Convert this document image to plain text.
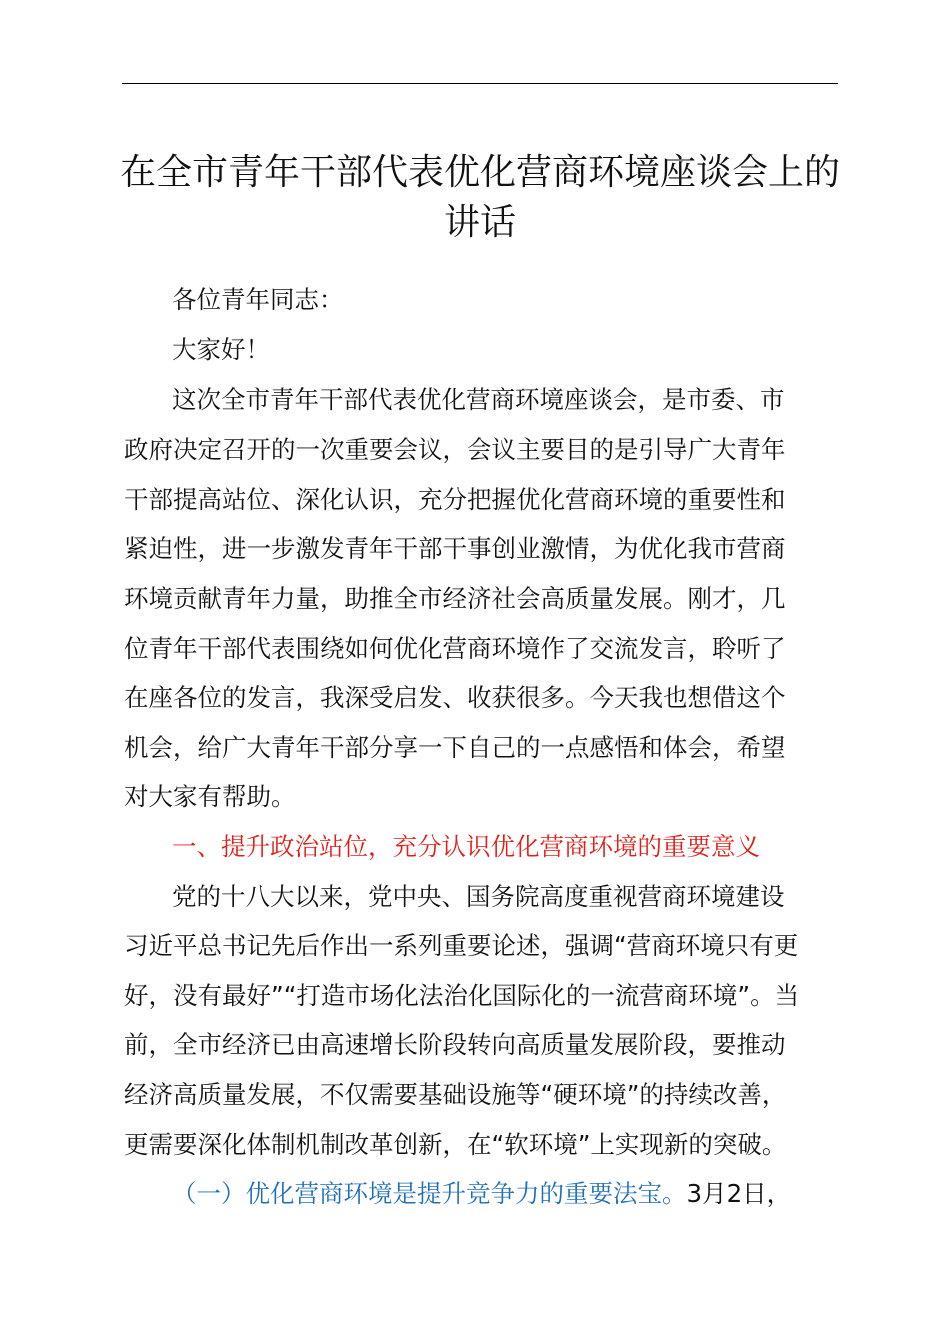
在全市青年干部代表优化营商环境座谈会上的
讲话
各位青年同志：
大家好！
这次全市青年干部代表优化营商环境座谈会，是市委、市
政府决定召开的一次重要会议，会议主要目的是引导广大青年
干部提高站位、深化认识，充分把握优化营商环境的重要性和
紧迫性，进一步激发青年干部干事创业激情，为优化我市营商
环境贡献青年力量，助推全市经济社会高质量发展。刚才，几
位青年干部代表围绕如何优化营商环境作了交流发言，聆听了
在座各位的发言，我深受启发、收获很多。今天我也想借这个
机会，给广大青年干部分享一下自己的一点感悟和体会，希望
对大家有帮助。
一、提升政治站位，充分认识优化营商环境的重要意义
党的十八大以来，党中央、国务院高度重视营商环境建设
习近平总书记先后作出一系列重要论述，强调“营商环境只有更
好，没有最好”“打造市场化法治化国际化的一流营商环境”。当
前，全市经济已由高速增长阶段转向高质量发展阶段，要推动
经济高质量发展，不仅需要基础设施等“硬环境”的持续改善，
更需要深化体制机制改革创新，在“软环境”上实现新的突破。
（一）优化营商环境是提升竞争力的重要法宝。3月2日，
